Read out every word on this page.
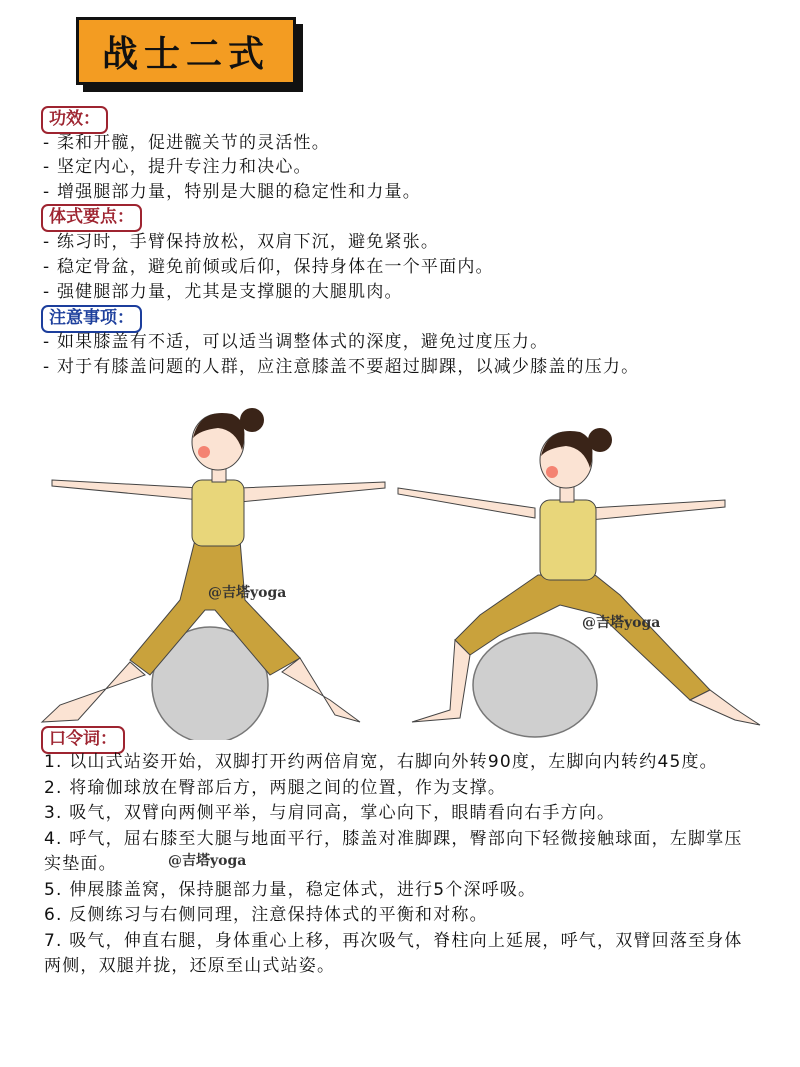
战士二式
功效：
- 柔和开髋，促进髋关节的灵活性。
- 坚定内心，提升专注力和决心。
- 增强腿部力量，特别是大腿的稳定性和力量。
体式要点：
- 练习时，手臂保持放松，双肩下沉，避免紧张。
- 稳定骨盆，避免前倾或后仰，保持身体在一个平面内。
- 强健腿部力量，尤其是支撑腿的大腿肌肉。
注意事项：
- 如果膝盖有不适，可以适当调整体式的深度，避免过度压力。
- 对于有膝盖问题的人群，应注意膝盖不要超过脚踝，以减少膝盖的压力。
@吉塔yoga
@吉塔yoga
口令词：
1. 以山式站姿开始，双脚打开约两倍肩宽，右脚向外转90度，左脚向内转约45度。
2. 将瑜伽球放在臀部后方，两腿之间的位置，作为支撑。
3. 吸气，双臂向两侧平举，与肩同高，掌心向下，眼睛看向右手方向。
4. 呼气，屈右膝至大腿与地面平行，膝盖对准脚踝，臀部向下轻微接触球面，左脚掌压实垫面。
5. 伸展膝盖窝，保持腿部力量，稳定体式，进行5个深呼吸。
6. 反侧练习与右侧同理，注意保持体式的平衡和对称。
7. 吸气，伸直右腿，身体重心上移，再次吸气，脊柱向上延展，呼气，双臂回落至身体两侧，双腿并拢，还原至山式站姿。
@吉塔yoga
